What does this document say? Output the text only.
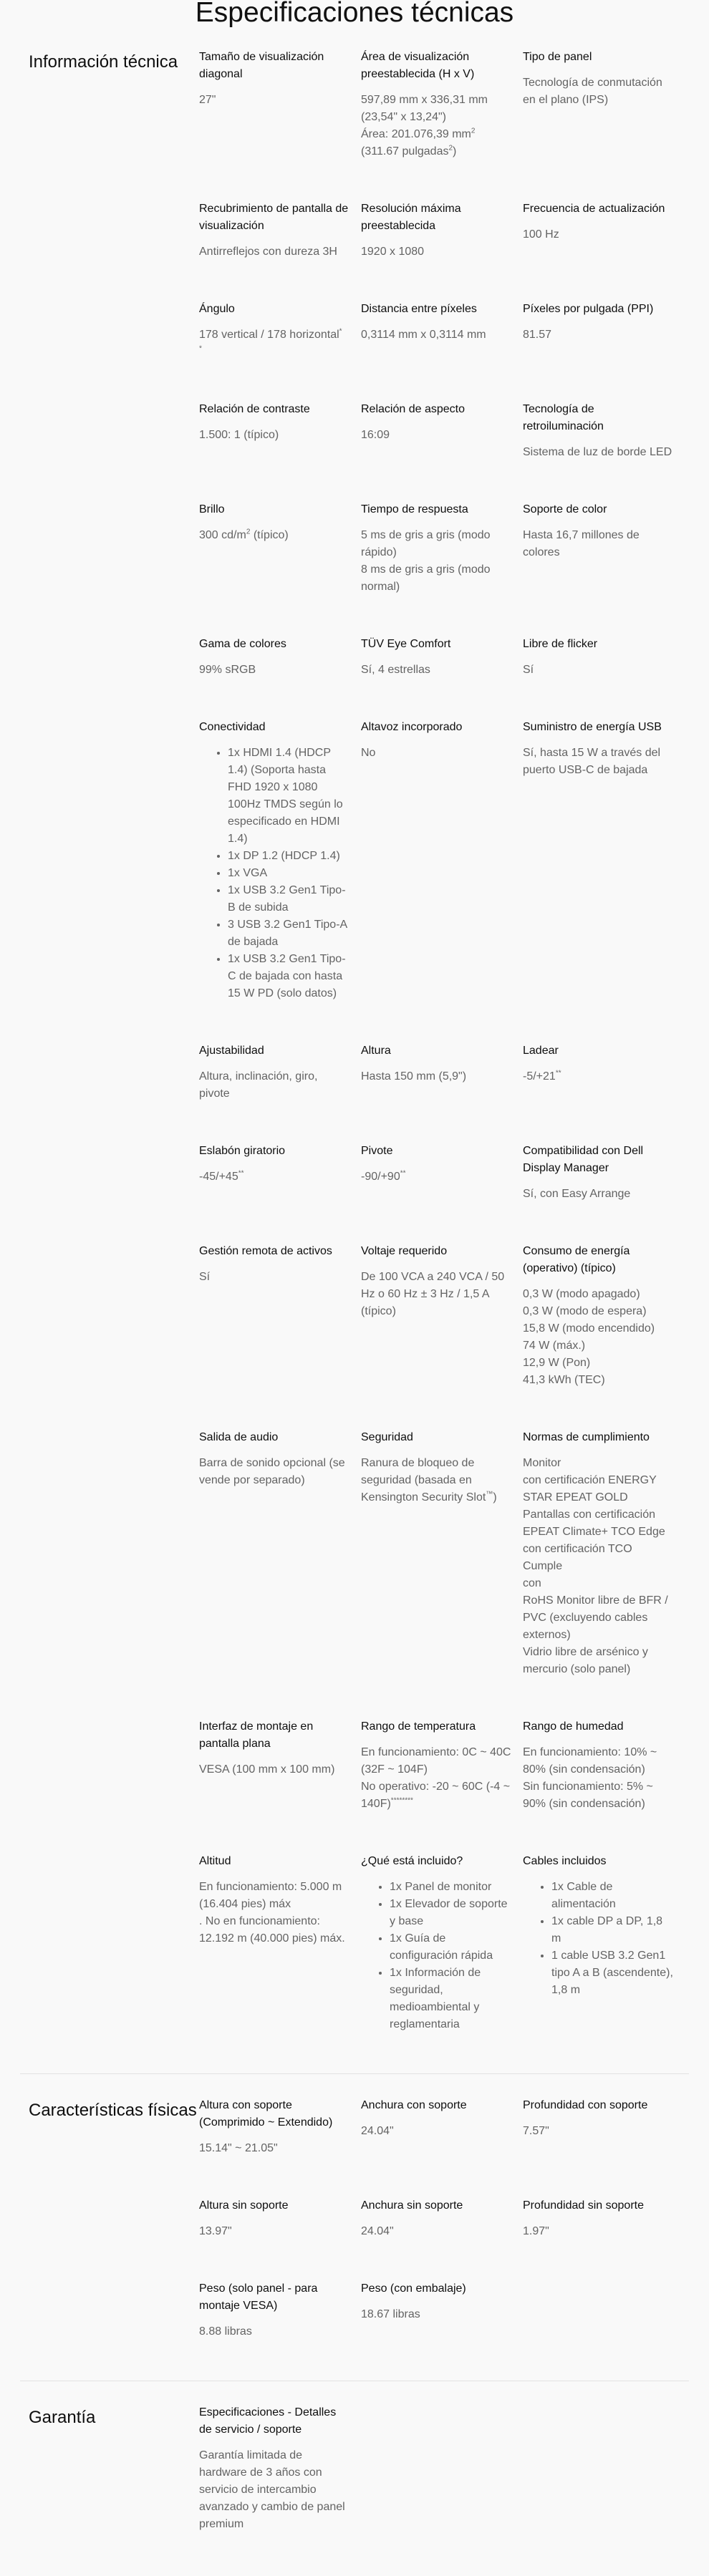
Especificaciones técnicas
Información técnica	Tamaño de visualización diagonal
27"
Área de visualización preestablecida (H x V)
597,89 mm x 336,31 mm
(23,54" x 13,24")
Área: 201.076,39 $mm^2$
(311.67 pulgadas$^2$)
Tipo de panel
Tecnología de conmutación en el plano (IPS)
Recubrimiento de pantalla de visualización
Antirreflejos con dureza 3H
Resolución máxima preestablecida
1920 x 1080
Frecuencia de actualización
100 Hz
Ángulo
178 vertical / 178 horizontal*
*
Distancia entre píxeles
0,3114 mm x 0,3114 mm
Píxeles por pulgada (PPI)
81.57
Relación de contraste
1.500: 1 (típico)
Relación de aspecto
16:09
Tecnología de retroiluminación
Sistema de luz de borde LED
Brillo
300 $cd/m^2$ (típico)
Tiempo de respuesta
5 ms de gris a gris (modo rápido)
8 ms de gris a gris (modo normal)
Soporte de color
Hasta 16,7 millones de colores
Gama de colores
99% sRGB
TÜV Eye Comfort
Sí, 4 estrellas
Libre de flicker
Sí
Conectividad
• 1x HDMI 1.4 (HDCP 1.4) (Soporta hasta FHD 1920 x 1080 100Hz TMDS según lo especificado en HDMI 1.4)
• 1x DP 1.2 (HDCP 1.4)
• 1x VGA
• 1x USB 3.2 Gen1 Tipo-B de subida
• 3 USB 3.2 Gen1 Tipo-A de bajada
• 1x USB 3.2 Gen1 Tipo-C de bajada con hasta 15 W PD (solo datos)
Altavoz incorporado
No
Suministro de energía USB
Sí, hasta 15 W a través del puerto USB-C de bajada
Ajustabilidad
Altura, inclinación, giro, pivote
Altura
Hasta 150 mm (5,9")
Ladear
-5/+21**
Eslabón giratorio
-45/+45**
Pivote
-90/+90**
Compatibilidad con Dell Display Manager
Sí, con Easy Arrange
Gestión remota de activos
Sí
Voltaje requerido
De 100 VCA a 240 VCA / 50 Hz o 60 Hz ± 3 Hz / 1,5 A (típico)
Consumo de energía (operativo) (típico)
0,3 W (modo apagado)
0,3 W (modo de espera)
15,8 W (modo encendido)
74 W (máx.)
12,9 W (Pon)
41,3 kWh (TEC)
Salida de audio
Barra de sonido opcional (se vende por separado)
Seguridad
Ranura de bloqueo de seguridad (basada en Kensington Security Slot™)
Normas de cumplimiento
Monitor
con certificación ENERGY STAR EPEAT GOLD
Pantallas con certificación EPEAT Climate+ TCO Edge
con certificación TCO Cumple
con
RoHS Monitor libre de BFR / PVC (excluyendo cables externos)
Vidrio libre de arsénico y mercurio (solo panel)
Interfaz de montaje en pantalla plana
VESA (100 mm x 100 mm)
Rango de temperatura
En funcionamiento: 0C ~ 40C (32F ~ 104F)
No operativo: -20 ~ 60C (-4 ~ 140F)********
Rango de humedad
En funcionamiento: 10% ~ 80% (sin condensación)
Sin funcionamiento: 5% ~ 90% (sin condensación)
Altitud
En funcionamiento: 5.000 m (16.404 pies) máx
. No en funcionamiento: 12.192 m (40.000 pies) máx.
¿Qué está incluido?
• 1x Panel de monitor
• 1x Elevador de soporte y base
• 1x Guía de configuración rápida
• 1x Información de seguridad, medioambiental y reglamentaria
Cables incluidos
• 1x Cable de alimentación
• 1x cable DP a DP, 1,8 m
• 1 cable USB 3.2 Gen1 tipo A a B (ascendente), 1,8 m
Características físicas Altura con soporte (Comprimido ~ Extendido)
15.14" ~ 21.05"
Anchura con soporte
24.04"
Profundidad con soporte
7.57"
Altura sin soporte
13.97"
Anchura sin soporte
24.04"
Profundidad sin soporte
1.97"
Peso (solo panel - para montaje VESA)
8.88 libras
Peso (con embalaje)
18.67 libras
Garantía	Especificaciones - Detalles de servicio / soporte
Garantía limitada de hardware de 3 años con servicio de intercambio avanzado y cambio de panel premium
